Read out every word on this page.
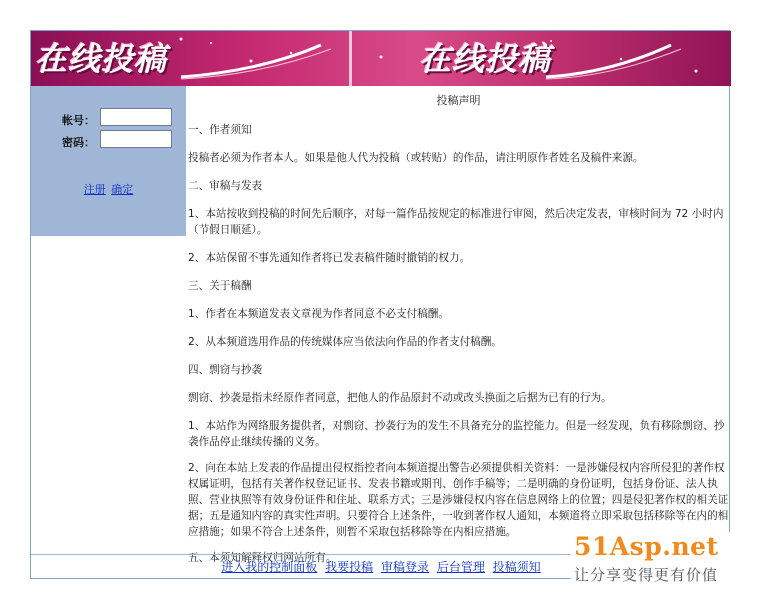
在线投稿	在线投稿
帐号：
密码：
注册 确定
投稿声明

一、作者须知

投稿者必须为作者本人。如果是他人代为投稿（或转贴）的作品，请注明原作者姓名及稿件来源。

二、审稿与发表

1、本站按收到投稿的时间先后顺序，对每一篇作品按规定的标准进行审阅，然后决定发表，审核时间为 72 小时内（节假日顺延）。

2、本站保留不事先通知作者将已发表稿件随时撤销的权力。

三、关于稿酬

1、作者在本频道发表文章视为作者同意不必支付稿酬。

2、从本频道选用作品的传统媒体应当依法向作品的作者支付稿酬。

四、剽窃与抄袭

剽窃、抄袭是指未经原作者同意，把他人的作品原封不动或改头换面之后据为已有的行为。

1、本站作为网络服务提供者，对剽窃、抄袭行为的发生不具备充分的监控能力。但是一经发现，负有移除剽窃、抄袭作品停止继续传播的义务。

2、向在本站上发表的作品提出侵权指控者向本频道提出警告必须提供相关资料：一是涉嫌侵权内容所侵犯的著作权权属证明，包括有关著作权登记证书、发表书籍或期刊、创作手稿等；二是明确的身份证明，包括身份证、法人执照、营业执照等有效身份证件和住址、联系方式；三是涉嫌侵权内容在信息网络上的位置；四是侵犯著作权的相关证据；五是通知内容的真实性声明。只要符合上述条件，一收到著作权人通知，本频道将立即采取包括移除等在内的相应措施；如果不符合上述条件，则暂不采取包括移除等在内相应措施。

五、本须知解释权归网站所有。

进入我的控制面板 我要投稿 审稿登录 后台管理 投稿须知
51Asp.net
让分享变得更有价值
